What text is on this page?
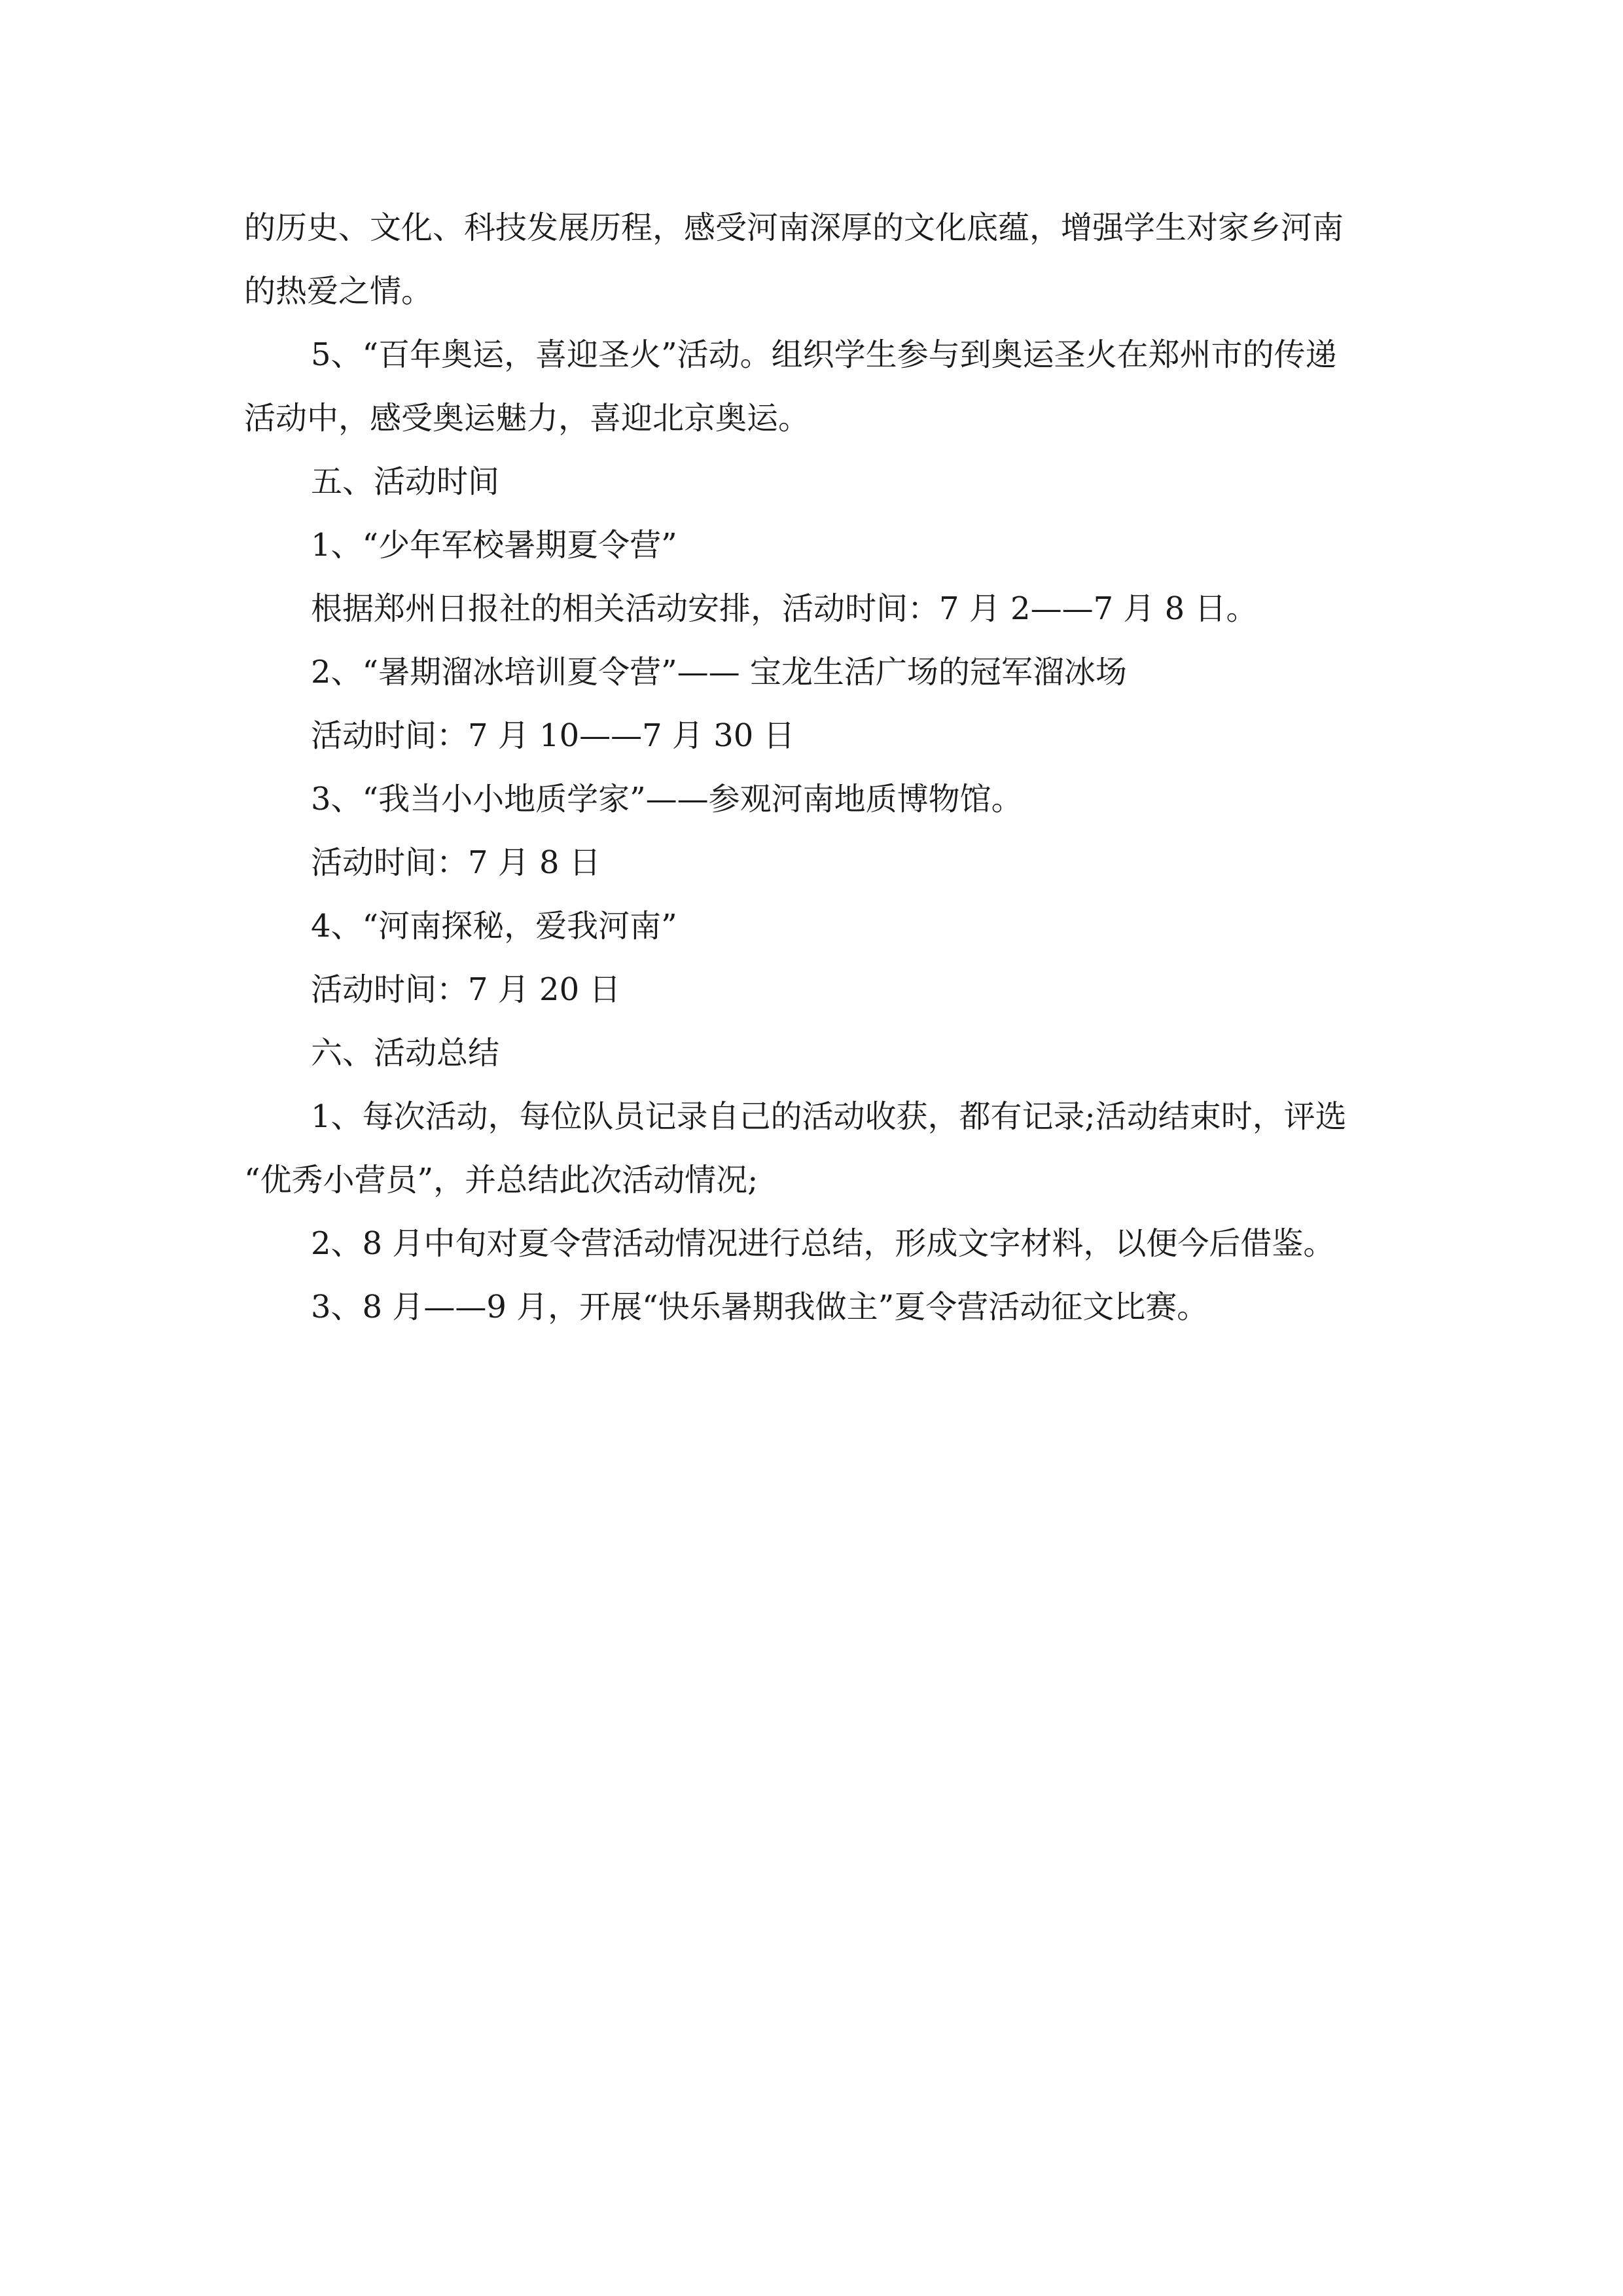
的历史、文化、科技发展历程，感受河南深厚的文化底蕴，增强学生对家乡河南

的热爱之情。

5、“百年奥运，喜迎圣火”活动。组织学生参与到奥运圣火在郑州市的传递

活动中，感受奥运魅力，喜迎北京奥运。

五、活动时间

1、“少年军校暑期夏令营”

根据郑州日报社的相关活动安排，活动时间：7 月 2——7 月 8 日。

2、“暑期溜冰培训夏令营”—— 宝龙生活广场的冠军溜冰场

活动时间：7 月 10——7 月 30 日

3、“我当小小地质学家”——参观河南地质博物馆。

活动时间：7 月 8 日

4、“河南探秘，爱我河南”

活动时间：7 月 20 日

六、活动总结

1、每次活动，每位队员记录自己的活动收获，都有记录;活动结束时，评选

“优秀小营员”，并总结此次活动情况;

2、8 月中旬对夏令营活动情况进行总结，形成文字材料，以便今后借鉴。

3、8 月——9 月，开展“快乐暑期我做主”夏令营活动征文比赛。
